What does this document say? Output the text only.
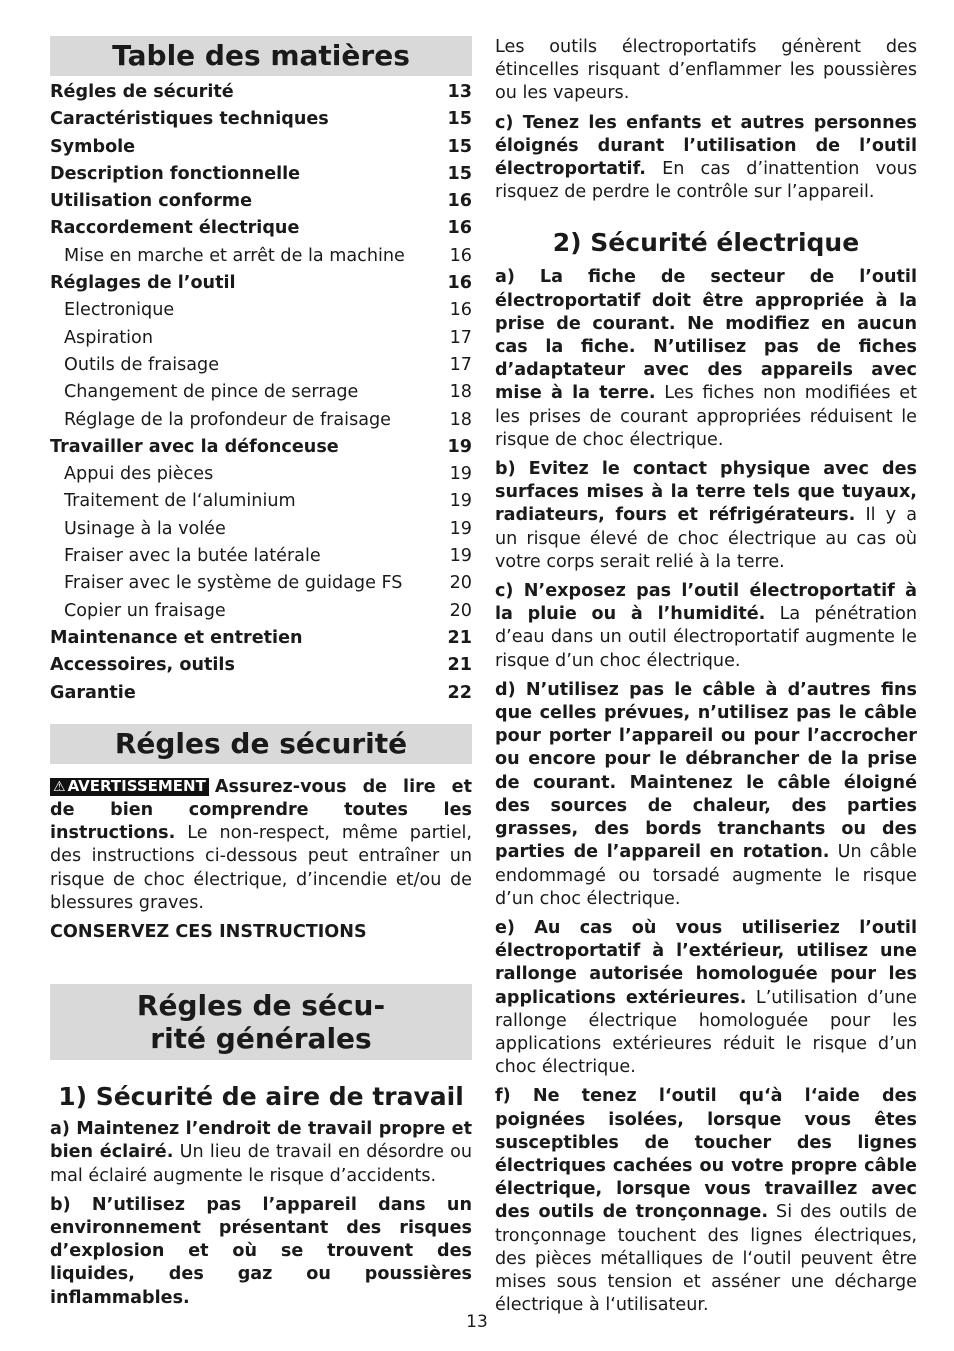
Table des matières
Régles de sécurité	13
Caractéristiques techniques	15
Symbole	15
Description fonctionnelle	15
Utilisation conforme	16
Raccordement électrique	16
Mise en marche et arrêt de la machine	16
Réglages de l’outil	16
Electronique	16
Aspiration	17
Outils de fraisage	17
Changement de pince de serrage	18
Réglage de la profondeur de fraisage	18
Travailler avec la défonceuse	19
Appui des pièces	19
Traitement de l‘aluminium	19
Usinage à la volée	19
Fraiser avec la butée latérale	19
Fraiser avec le système de guidage FS	20
Copier un fraisage	20
Maintenance et entretien	21
Accessoires, outils	21
Garantie	22
Régles de sécurité

⚠ AVERTISSEMENT Assurez-vous de lire et de bien comprendre toutes les instructions. Le non-respect, même partiel, des instructions ci-dessous peut entraîner un risque de choc électrique, d’incendie et/ou de blessures graves.

CONSERVEZ CES INSTRUCTIONS

Régles de sécu-
rité générales
1) Sécurité de aire de travail

a) Maintenez l’endroit de travail propre et bien éclairé. Un lieu de travail en désordre ou mal éclairé augmente le risque d’accidents.

b) N’utilisez pas l’appareil dans un environnement présentant des risques d’explosion et où se trouvent des liquides, des gaz ou poussières inflammables.

Les outils électroportatifs génèrent des étincelles risquant d’enflammer les poussières ou les vapeurs.

c) Tenez les enfants et autres personnes éloignés durant l’utilisation de l’outil électroportatif. En cas d’inattention vous risquez de perdre le contrôle sur l’appareil.

2) Sécurité électrique

a) La fiche de secteur de l’outil électroportatif doit être appropriée à la prise de courant. Ne modifiez en aucun cas la fiche. N’utilisez pas de fiches d’adaptateur avec des appareils avec mise à la terre. Les fiches non modifiées et les prises de courant appropriées réduisent le risque de choc électrique.

b) Evitez le contact physique avec des surfaces mises à la terre tels que tuyaux, radiateurs, fours et réfrigérateurs. Il y a un risque élevé de choc électrique au cas où votre corps serait relié à la terre.

c) N’exposez pas l’outil électroportatif à la pluie ou à l’humidité. La pénétration d’eau dans un outil électroportatif augmente le risque d’un choc électrique.

d) N’utilisez pas le câble à d’autres fins que celles prévues, n’utilisez pas le câble pour porter l’appareil ou pour l’accrocher ou encore pour le débrancher de la prise de courant. Maintenez le câble éloigné des sources de chaleur, des parties grasses, des bords tranchants ou des parties de l’appareil en rotation. Un câble endommagé ou torsadé augmente le risque d’un choc électrique.

e) Au cas où vous utiliseriez l’outil électroportatif à l’extérieur, utilisez une rallonge autorisée homologuée pour les applications extérieures. L’utilisation d’une rallonge électrique homologuée pour les applications extérieures réduit le risque d’un choc électrique.

f) Ne tenez l‘outil qu‘à l‘aide des poignées isolées, lorsque vous êtes susceptibles de toucher des lignes électriques cachées ou votre propre câble électrique, lorsque vous travaillez avec des outils de tronçonnage. Si des outils de tronçonnage touchent des lignes électriques, des pièces métalliques de l‘outil peuvent être mises sous tension et asséner une décharge électrique à l‘utilisateur.

13
